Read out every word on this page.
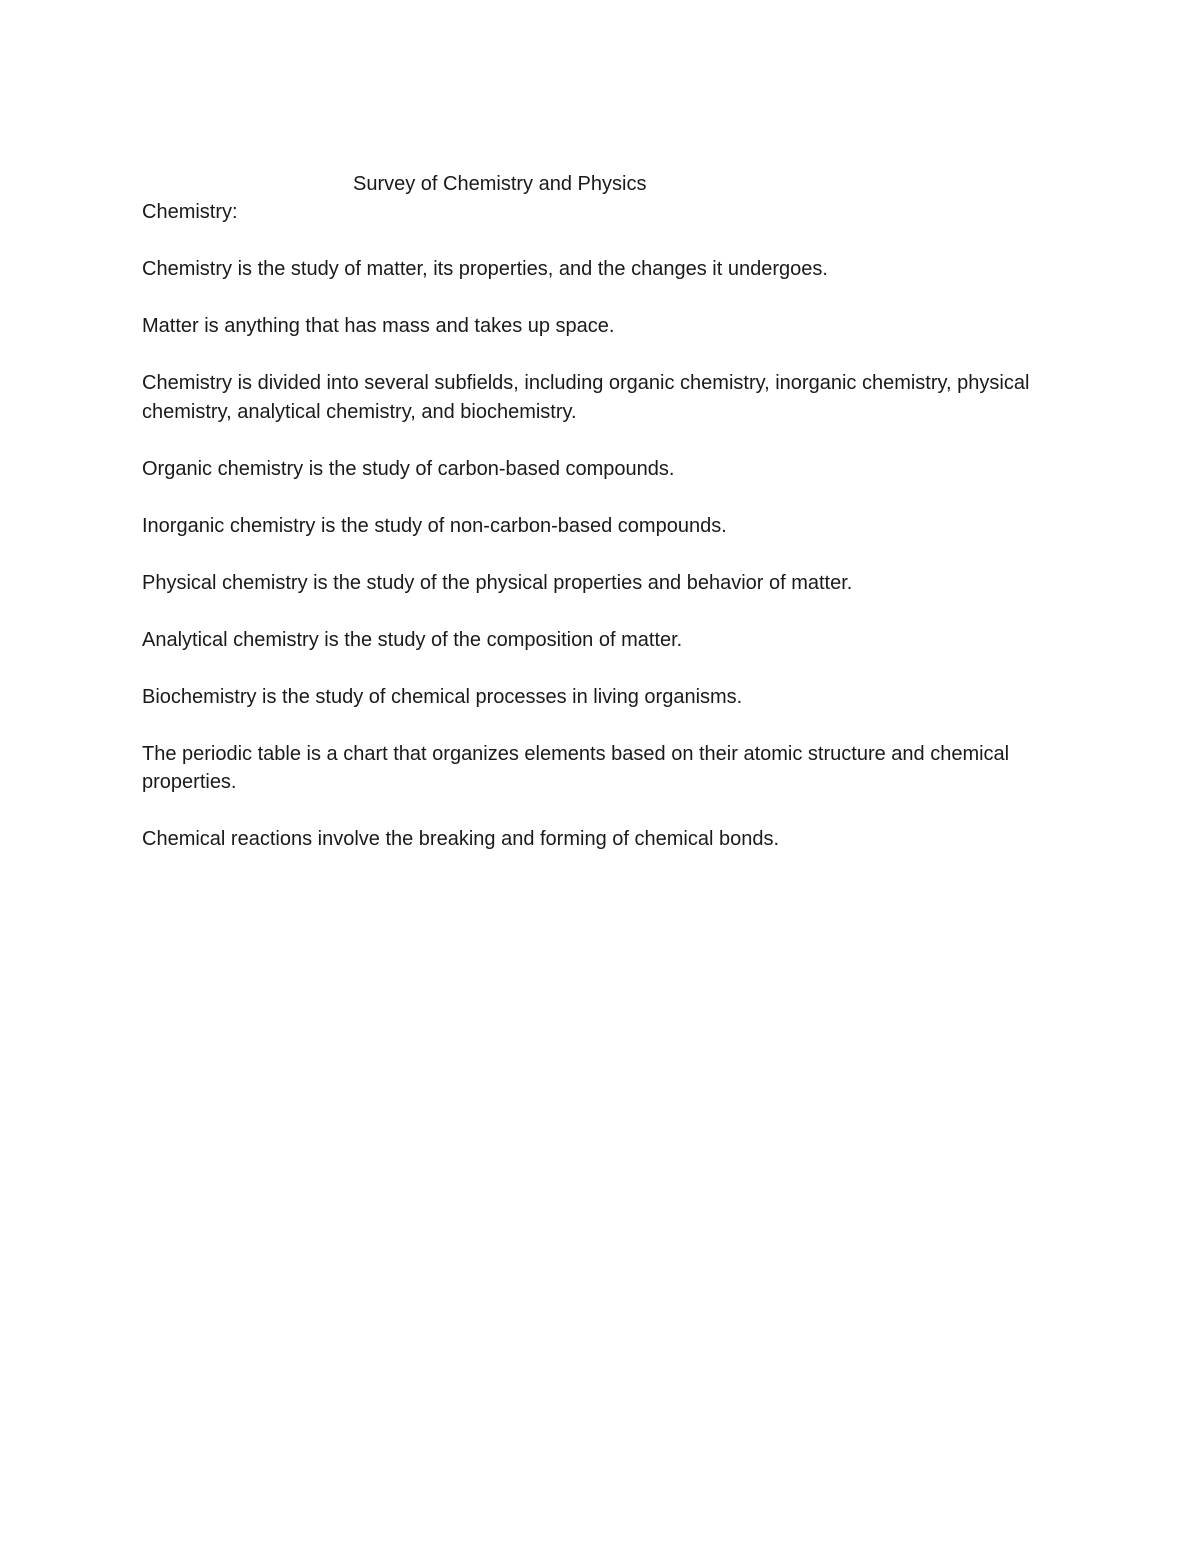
Survey of Chemistry and Physics
Chemistry:

Chemistry is the study of matter, its properties, and the changes it undergoes.

Matter is anything that has mass and takes up space.

Chemistry is divided into several subfields, including organic chemistry, inorganic chemistry, physical chemistry, analytical chemistry, and biochemistry.

Organic chemistry is the study of carbon-based compounds.

Inorganic chemistry is the study of non-carbon-based compounds.

Physical chemistry is the study of the physical properties and behavior of matter.

Analytical chemistry is the study of the composition of matter.

Biochemistry is the study of chemical processes in living organisms.

The periodic table is a chart that organizes elements based on their atomic structure and chemical properties.

Chemical reactions involve the breaking and forming of chemical bonds.
